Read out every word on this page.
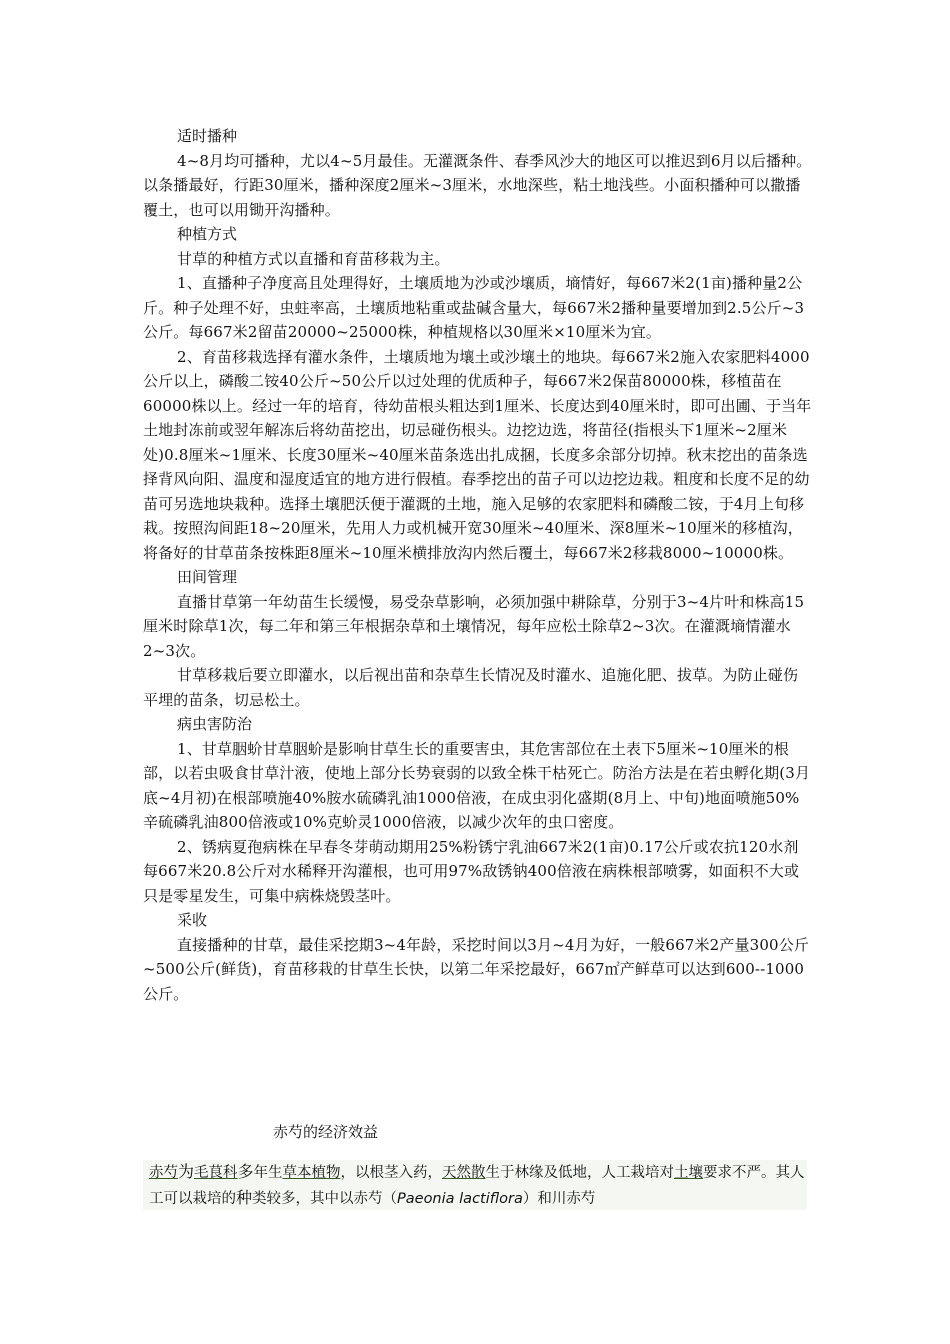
适时播种

4~8月均可播种，尤以4~5月最佳。无灌溉条件、春季风沙大的地区可以推迟到6月以后播种。以条播最好，行距30厘米，播种深度2厘米~3厘米，水地深些，粘土地浅些。小面积播种可以撒播覆土，也可以用锄开沟播种。

种植方式

甘草的种植方式以直播和育苗移栽为主。

1、直播种子净度高且处理得好，土壤质地为沙或沙壤质，墒情好，每667米2(1亩)播种量2公斤。种子处理不好，虫蛀率高，土壤质地粘重或盐碱含量大，每667米2播种量要增加到2.5公斤~3公斤。每667米2留苗20000~25000株，种植规格以30厘米×10厘米为宜。

2、育苗移栽选择有灌水条件，土壤质地为壤土或沙壤土的地块。每667米2施入农家肥料4000公斤以上，磷酸二铵40公斤~50公斤以过处理的优质种子，每667米2保苗80000株，移植苗在60000株以上。经过一年的培育，待幼苗根头粗达到1厘米、长度达到40厘米时，即可出圃、于当年土地封冻前或翌年解冻后将幼苗挖出，切忌碰伤根头。边挖边选，将苗径(指根头下1厘米~2厘米处)0.8厘米~1厘米、长度30厘米~40厘米苗条选出扎成捆，长度多余部分切掉。秋末挖出的苗条选择背风向阳、温度和湿度适宜的地方进行假植。春季挖出的苗子可以边挖边栽。粗度和长度不足的幼苗可另选地块栽种。选择土壤肥沃便于灌溉的土地，施入足够的农家肥料和磷酸二铵，于4月上旬移栽。按照沟间距18~20厘米，先用人力或机械开宽30厘米~40厘米、深8厘米~10厘米的移植沟，将备好的甘草苗条按株距8厘米~10厘米横排放沟内然后覆土，每667米2移栽8000~10000株。

田间管理

直播甘草第一年幼苗生长缓慢，易受杂草影响，必须加强中耕除草，分别于3~4片叶和株高15厘米时除草1次，每二年和第三年根据杂草和土壤情况，每年应松土除草2~3次。在灌溉墒情灌水2~3次。

甘草移栽后要立即灌水，以后视出苗和杂草生长情况及时灌水、追施化肥、拔草。为防止碰伤平埋的苗条，切忌松土。

病虫害防治

1、甘草胭蚧甘草胭蚧是影响甘草生长的重要害虫，其危害部位在土表下5厘米~10厘米的根部，以若虫吸食甘草汁液，使地上部分长势衰弱的以致全株干枯死亡。防治方法是在若虫孵化期(3月底~4月初)在根部喷施40%胺水硫磷乳油1000倍液，在成虫羽化盛期(8月上、中旬)地面喷施50%辛硫磷乳油800倍液或10%克蚧灵1000倍液，以减少次年的虫口密度。

2、锈病夏孢病株在早春冬芽萌动期用25%粉锈宁乳油667米2(1亩)0.17公斤或农抗120水剂每667米20.8公斤对水稀释开沟灌根，也可用97%敌锈钠400倍液在病株根部喷雾，如面积不大或只是零星发生，可集中病株烧毁茎叶。

采收

直接播种的甘草，最佳采挖期3~4年龄，采挖时间以3月~4月为好，一般667米2产量300公斤~500公斤(鲜货)，育苗移栽的甘草生长快，以第二年采挖最好，667㎡产鲜草可以达到600--1000公斤。

赤芍的经济效益
赤芍为毛茛科多年生草本植物，以根茎入药，天然散生于林缘及低地，人工栽培对土壤要求不严。其人工可以栽培的种类较多，其中以赤芍（Paeonia lactiflora）和川赤芍
